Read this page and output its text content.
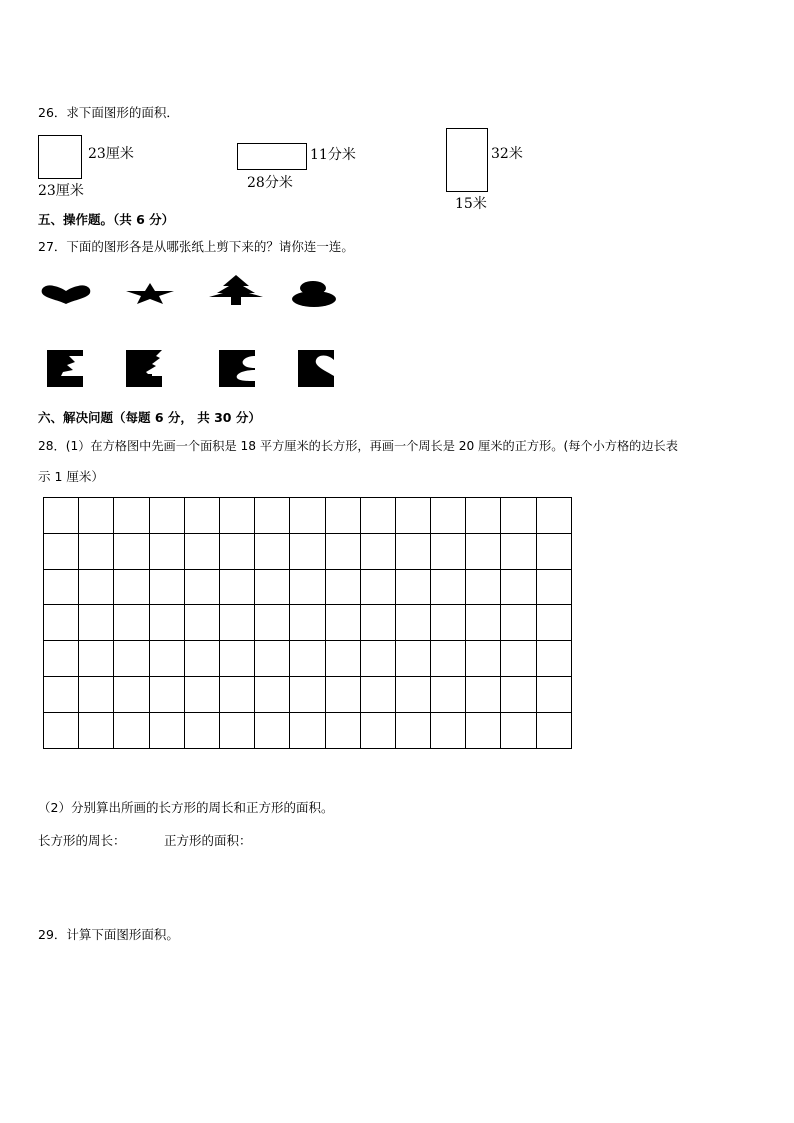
26．求下面图形的面积．
23厘米
23厘米
11分米
28分米
32米
15米
五、操作题。（共 6 分）
27．下面的图形各是从哪张纸上剪下来的？请你连一连。
六、解决问题（每题 6 分， 共 30 分）
28．(1）在方格图中先画一个面积是 18 平方厘米的长方形，再画一个周长是 20 厘米的正方形。(每个小方格的边长表
示 1 厘米）

（2）分别算出所画的长方形的周长和正方形的面积。
长方形的周长：	正方形的面积：
29．计算下面图形面积。
